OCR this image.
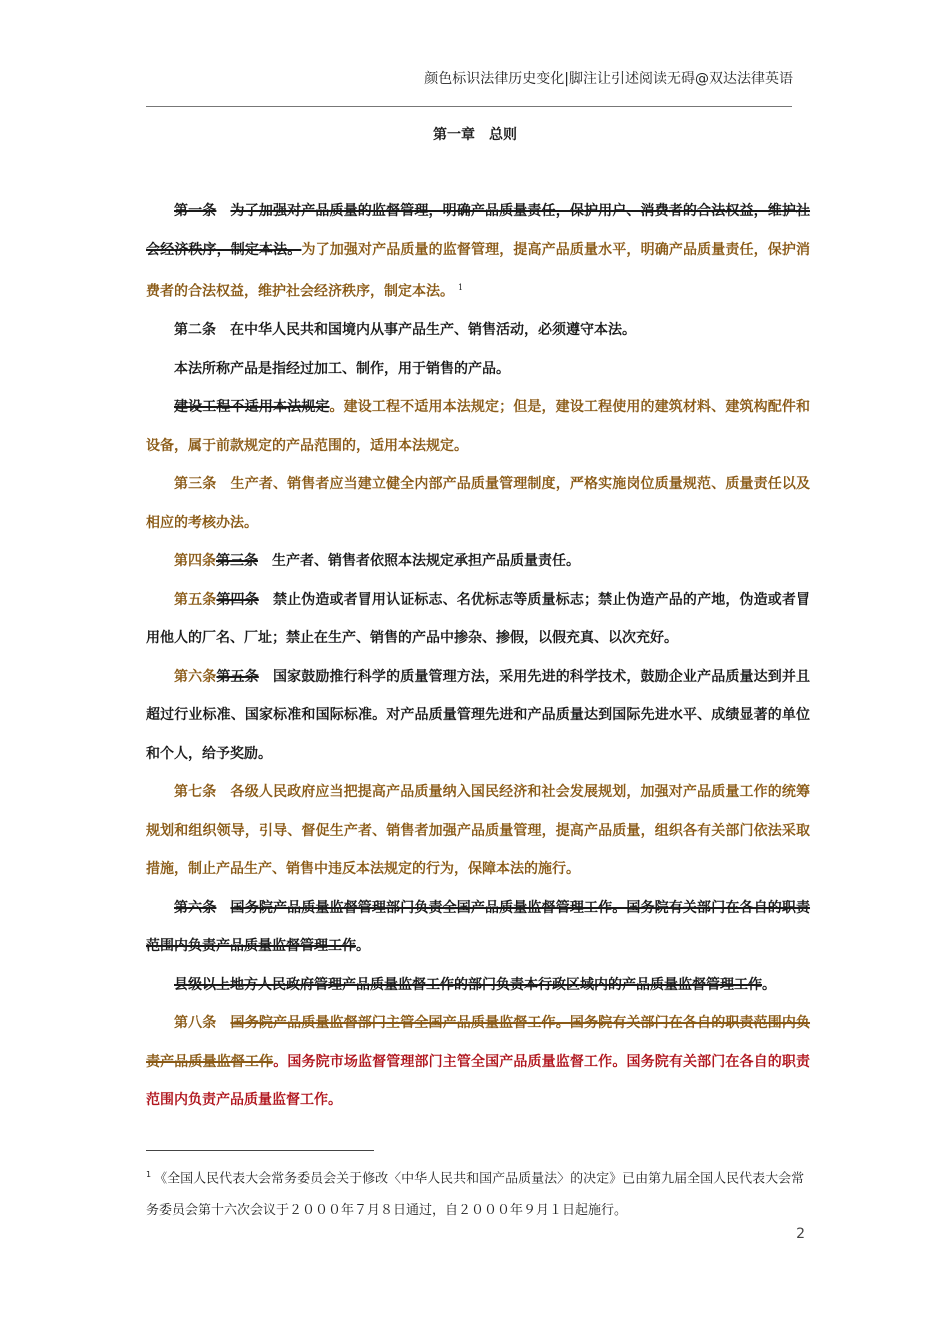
颜色标识法律历史变化|脚注让引述阅读无碍@双达法律英语
第一章　总则

第一条 为了加强对产品质量的监督管理，明确产品质量责任，保护用户、消费者的合法权益，维护社会经济秩序，制定本法。为了加强对产品质量的监督管理，提高产品质量水平，明确产品质量责任，保护消费者的合法权益，维护社会经济秩序，制定本法。 $^1$

第二条 在中华人民共和国境内从事产品生产、销售活动，必须遵守本法。

本法所称产品是指经过加工、制作，用于销售的产品。

建设工程不适用本法规定。建设工程不适用本法规定；但是，建设工程使用的建筑材料、建筑构配件和设备，属于前款规定的产品范围的，适用本法规定。

第三条 生产者、销售者应当建立健全内部产品质量管理制度，严格实施岗位质量规范、质量责任以及相应的考核办法。

第四条第三条 生产者、销售者依照本法规定承担产品质量责任。

第五条第四条 禁止伪造或者冒用认证标志、名优标志等质量标志；禁止伪造产品的产地，伪造或者冒用他人的厂名、厂址；禁止在生产、销售的产品中掺杂、掺假，以假充真、以次充好。

第六条第五条 国家鼓励推行科学的质量管理方法，采用先进的科学技术，鼓励企业产品质量达到并且超过行业标准、国家标准和国际标准。对产品质量管理先进和产品质量达到国际先进水平、成绩显著的单位和个人，给予奖励。

第七条 各级人民政府应当把提高产品质量纳入国民经济和社会发展规划，加强对产品质量工作的统筹规划和组织领导，引导、督促生产者、销售者加强产品质量管理，提高产品质量，组织各有关部门依法采取措施，制止产品生产、销售中违反本法规定的行为，保障本法的施行。

第六条 国务院产品质量监督管理部门负责全国产品质量监督管理工作。国务院有关部门在各自的职责范围内负责产品质量监督管理工作。

县级以上地方人民政府管理产品质量监督工作的部门负责本行政区域内的产品质量监督管理工作。

第八条 国务院产品质量监督部门主管全国产品质量监督工作。国务院有关部门在各自的职责范围内负责产品质量监督工作。国务院市场监督管理部门主管全国产品质量监督工作。国务院有关部门在各自的职责范围内负责产品质量监督工作。

$^1$ 《全国人民代表大会常务委员会关于修改〈中华人民共和国产品质量法〉的决定》已由第九届全国人民代表大会常务委员会第十六次会议于２０００年７月８日通过，自２０００年９月１日起施行。
2
